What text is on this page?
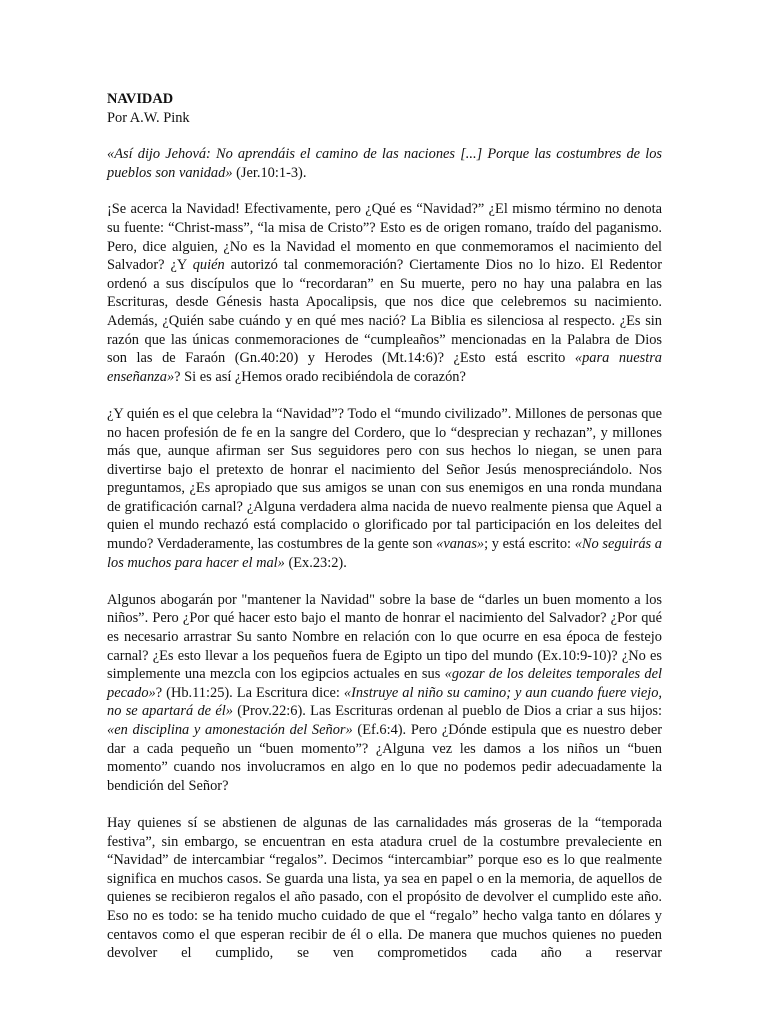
NAVIDAD
Por A.W. Pink

«Así dijo Jehová: No aprendáis el camino de las naciones [...] Porque las costumbres de los pueblos son vanidad» (Jer.10:1-3).

¡Se acerca la Navidad! Efectivamente, pero ¿Qué es “Navidad?” ¿El mismo término no denota su fuente: “Christ-mass”, “la misa de Cristo”? Esto es de origen romano, traído del paganismo. Pero, dice alguien, ¿No es la Navidad el momento en que conmemoramos el nacimiento del Salvador? ¿Y quién autorizó tal conmemoración? Ciertamente Dios no lo hizo. El Redentor ordenó a sus discípulos que lo “recordaran” en Su muerte, pero no hay una palabra en las Escrituras, desde Génesis hasta Apocalipsis, que nos dice que celebremos su nacimiento. Además, ¿Quién sabe cuándo y en qué mes nació? La Biblia es silenciosa al respecto. ¿Es sin razón que las únicas conmemoraciones de “cumpleaños” mencionadas en la Palabra de Dios son las de Faraón (Gn.40:20) y Herodes (Mt.14:6)? ¿Esto está escrito «para nuestra enseñanza»? Si es así ¿Hemos orado recibiéndola de corazón?

¿Y quién es el que celebra la “Navidad”? Todo el “mundo civilizado”. Millones de personas que no hacen profesión de fe en la sangre del Cordero, que lo “desprecian y rechazan”, y millones más que, aunque afirman ser Sus seguidores pero con sus hechos lo niegan, se unen para divertirse bajo el pretexto de honrar el nacimiento del Señor Jesús menospreciándolo. Nos preguntamos, ¿Es apropiado que sus amigos se unan con sus enemigos en una ronda mundana de gratificación carnal? ¿Alguna verdadera alma nacida de nuevo realmente piensa que Aquel a quien el mundo rechazó está complacido o glorificado por tal participación en los deleites del mundo? Verdaderamente, las costumbres de la gente son «vanas»; y está escrito: «No seguirás a los muchos para hacer el mal» (Ex.23:2).

Algunos abogarán por "mantener la Navidad" sobre la base de “darles un buen momento a los niños”. Pero ¿Por qué hacer esto bajo el manto de honrar el nacimiento del Salvador? ¿Por qué es necesario arrastrar Su santo Nombre en relación con lo que ocurre en esa época de festejo carnal? ¿Es esto llevar a los pequeños fuera de Egipto un tipo del mundo (Ex.10:9-10)? ¿No es simplemente una mezcla con los egipcios actuales en sus «gozar de los deleites temporales del pecado»? (Hb.11:25). La Escritura dice: «Instruye al niño su camino; y aun cuando fuere viejo, no se apartará de él» (Prov.22:6). Las Escrituras ordenan al pueblo de Dios a criar a sus hijos: «en disciplina y amonestación del Señor» (Ef.6:4). Pero ¿Dónde estipula que es nuestro deber dar a cada pequeño un “buen momento”? ¿Alguna vez les damos a los niños un “buen momento” cuando nos involucramos en algo en lo que no podemos pedir adecuadamente la bendición del Señor?

Hay quienes sí se abstienen de algunas de las carnalidades más groseras de la “temporada festiva”, sin embargo, se encuentran en esta atadura cruel de la costumbre prevaleciente en “Navidad” de intercambiar “regalos”. Decimos “intercambiar” porque eso es lo que realmente significa en muchos casos. Se guarda una lista, ya sea en papel o en la memoria, de aquellos de quienes se recibieron regalos el año pasado, con el propósito de devolver el cumplido este año. Eso no es todo: se ha tenido mucho cuidado de que el “regalo” hecho valga tanto en dólares y centavos como el que esperan recibir de él o ella. De manera que muchos quienes no pueden devolver el cumplido, se ven comprometidos cada año a reservar
